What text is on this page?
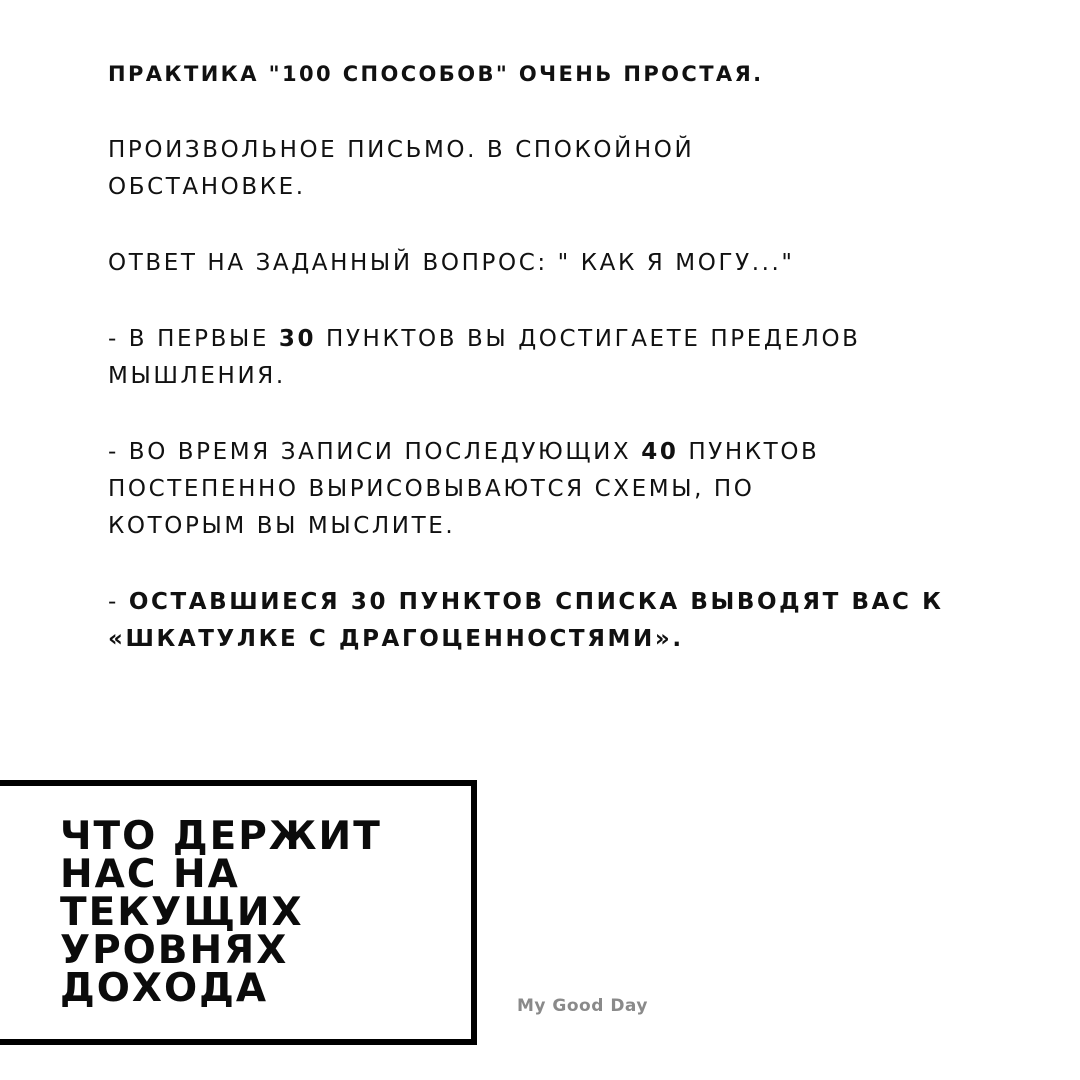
ПРАКТИКА "100 СПОСОБОВ" ОЧЕНЬ ПРОСТАЯ.

ПРОИЗВОЛЬНОЕ ПИСЬМО. В СПОКОЙНОЙ
ОБСТАНОВКЕ.

ОТВЕТ НА ЗАДАННЫЙ ВОПРОС: " КАК Я МОГУ..."

- В ПЕРВЫЕ 30 ПУНКТОВ ВЫ ДОСТИГАЕТЕ ПРЕДЕЛОВ
МЫШЛЕНИЯ.

- ВО ВРЕМЯ ЗАПИСИ ПОСЛЕДУЮЩИХ 40 ПУНКТОВ
ПОСТЕПЕННО ВЫРИСОВЫВАЮТСЯ СХЕМЫ, ПО
КОТОРЫМ ВЫ МЫСЛИТЕ.

- ОСТАВШИЕСЯ 30 ПУНКТОВ СПИСКА ВЫВОДЯТ ВАС К
«ШКАТУЛКЕ С ДРАГОЦЕННОСТЯМИ».

ЧТО ДЕРЖИТ
НАС НА
ТЕКУЩИХ
УРОВНЯХ
ДОХОДА	My Good Day
